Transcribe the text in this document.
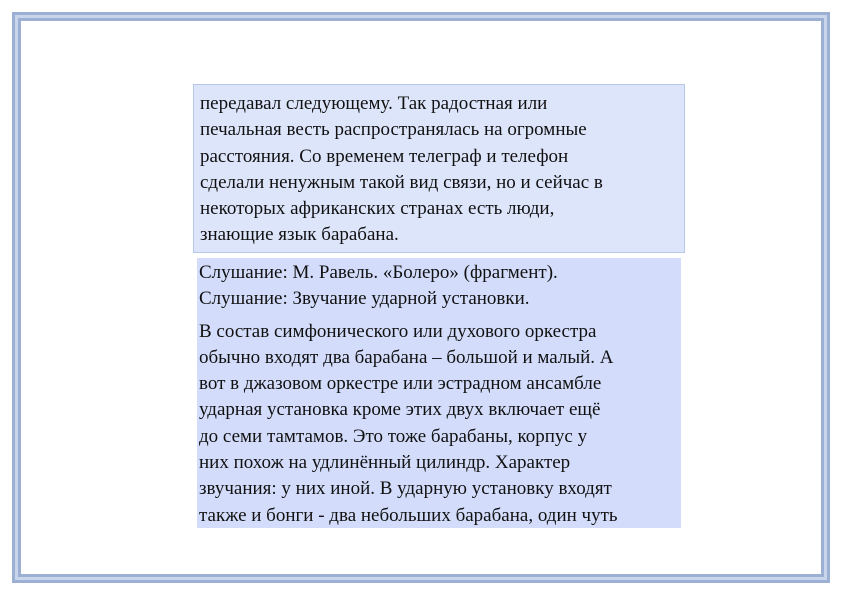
передавал следующему. Так радостная или
печальная весть распространялась на огромные
расстояния. Со временем телеграф и телефон
сделали ненужным такой вид связи, но и сейчас в
некоторых африканских странах есть люди,
знающие язык барабана.
Слушание: М. Равель. «Болеро» (фрагмент).
Слушание: Звучание ударной установки.
В состав симфонического или духового оркестра
обычно входят два барабана – большой и малый. А
вот в джазовом оркестре или эстрадном ансамбле
ударная установка кроме этих двух включает ещё
до семи тамтамов. Это тоже барабаны, корпус у
них похож на удлинённый цилиндр. Характер
звучания: у них иной. В ударную установку входят
также и бонги - два небольших барабана, один чуть
